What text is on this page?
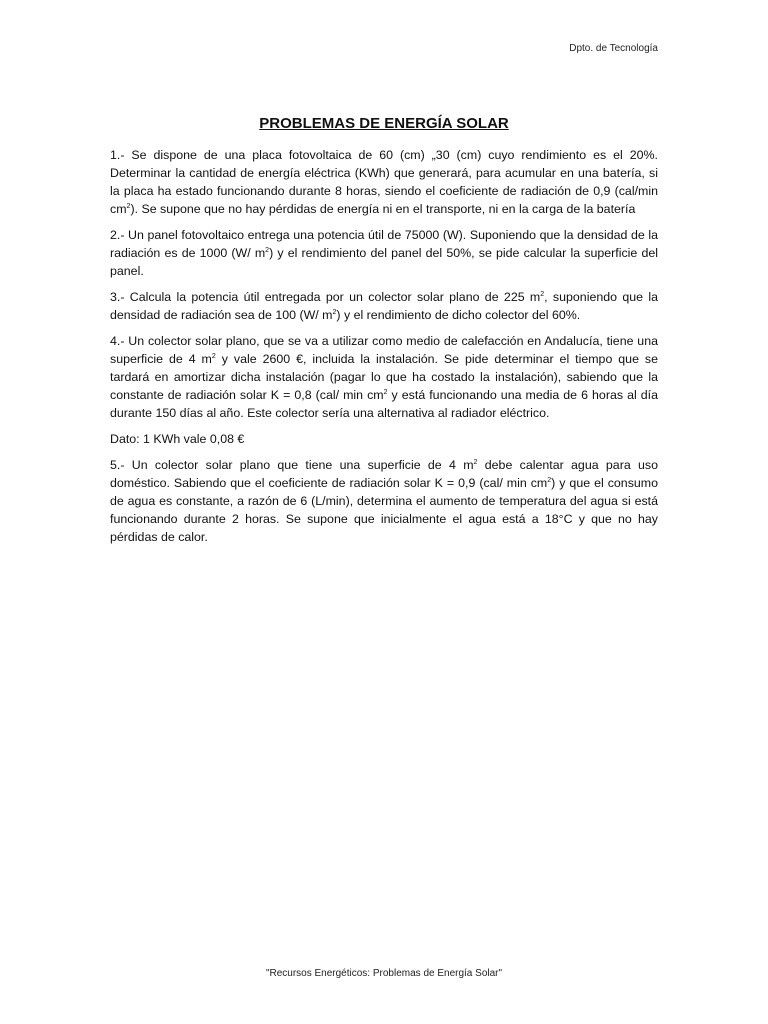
Dpto. de Tecnología
PROBLEMAS DE ENERGÍA SOLAR

1.- Se dispone de una placa fotovoltaica de 60 (cm) „30 (cm) cuyo rendimiento es el 20%. Determinar la cantidad de energía eléctrica (KWh) que generará, para acumular en una batería, si la placa ha estado funcionando durante 8 horas, siendo el coeficiente de radiación de 0,9 (cal/min $cm^2$). Se supone que no hay pérdidas de energía ni en el transporte, ni en la carga de la batería

2.- Un panel fotovoltaico entrega una potencia útil de 75000 (W). Suponiendo que la densidad de la radiación es de 1000 (W/ $m^2$) y el rendimiento del panel del 50%, se pide calcular la superficie del panel.

3.- Calcula la potencia útil entregada por un colector solar plano de 225 $m^2$, suponiendo que la densidad de radiación sea de 100 (W/ $m^2$) y el rendimiento de dicho colector del 60%.

4.- Un colector solar plano, que se va a utilizar como medio de calefacción en Andalucía, tiene una superficie de 4 $m^2$ y vale 2600 €, incluida la instalación. Se pide determinar el tiempo que se tardará en amortizar dicha instalación (pagar lo que ha costado la instalación), sabiendo que la constante de radiación solar K = 0,8 (cal/ $\min cm^2$ y está funcionando una media de 6 horas al día durante 150 días al año. Este colector sería una alternativa al radiador eléctrico.

Dato: 1 KWh vale 0,08 €

5.- Un colector solar plano que tiene una superficie de 4 $m^2$ debe calentar agua para uso doméstico. Sabiendo que el coeficiente de radiación solar K = 0,9 (cal/ $\min cm^2$) y que el consumo de agua es constante, a razón de 6 (L/min), determina el aumento de temperatura del agua si está funcionando durante 2 horas. Se supone que inicialmente el agua está a 18°C y que no hay pérdidas de calor.

"Recursos Energéticos: Problemas de Energía Solar"
